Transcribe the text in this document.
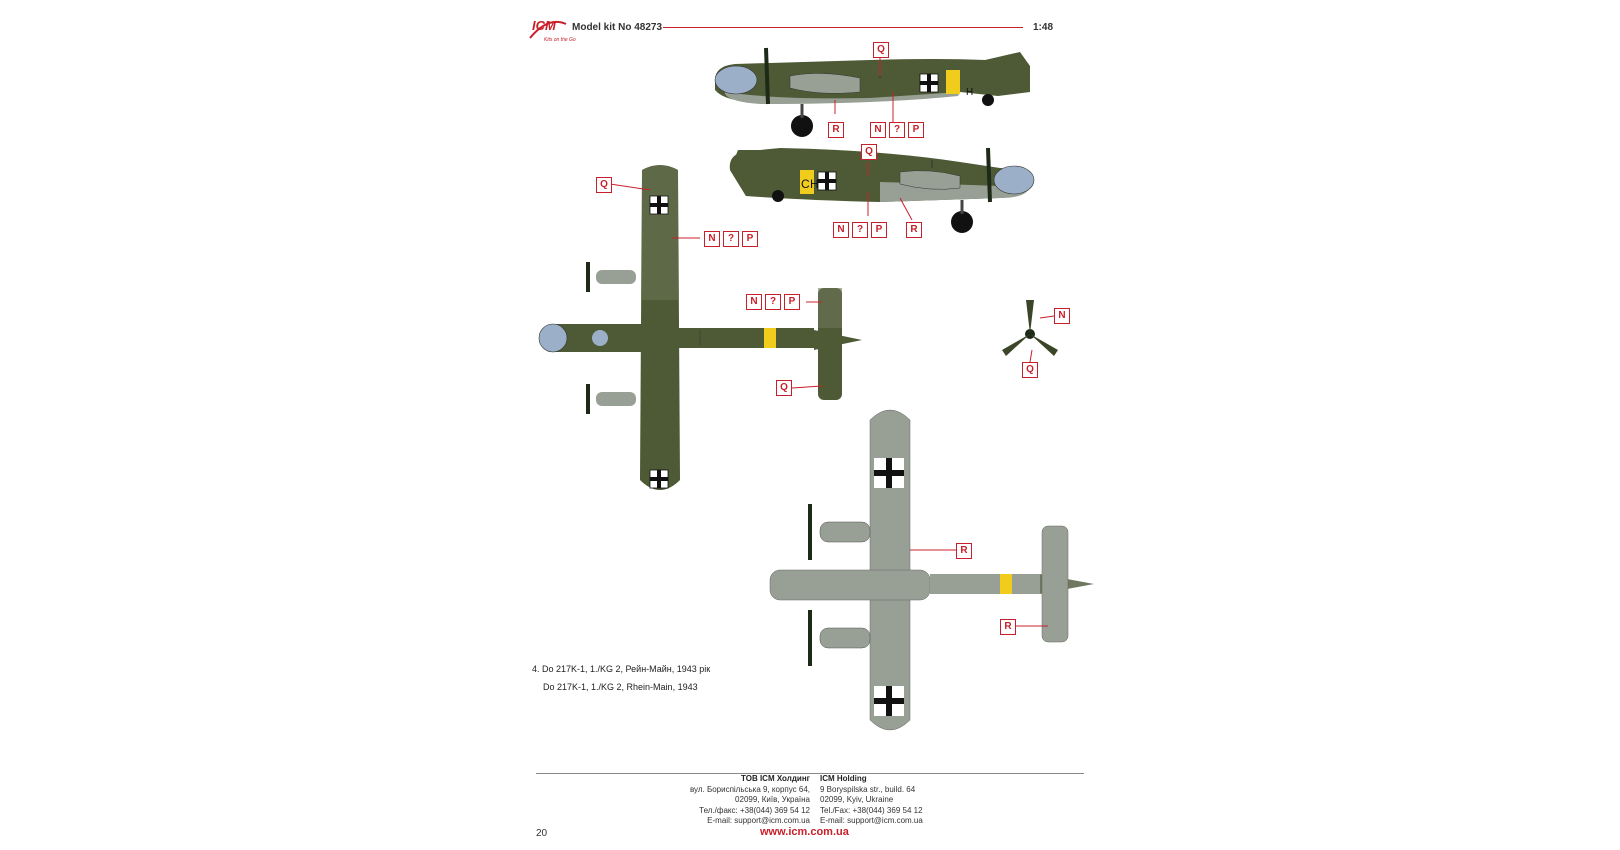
ICM
Kits on the Go
Model kit No 48273	1:48
H
C H
Q
R	N	?	P
Q
N	?	P	R
Q
N	?	P
N	?	P
Q
N
Q
R
R
4. Do 217K-1, 1./KG 2, Рейн-Майн, 1943 рік
Do 217K-1, 1./KG 2, Rhein-Main, 1943
ТОВ ICM Холдинг
вул. Бориспільська 9, корпус 64,
02099, Київ, Україна
Тел./факс: +38(044) 369 54 12
E-mail: support@icm.com.ua
ICM Holding
9 Boryspilska str., build. 64
02099, Kyiv, Ukraine
Tel./Fax: +38(044) 369 54 12
E-mail: support@icm.com.ua
www.icm.com.ua
20
